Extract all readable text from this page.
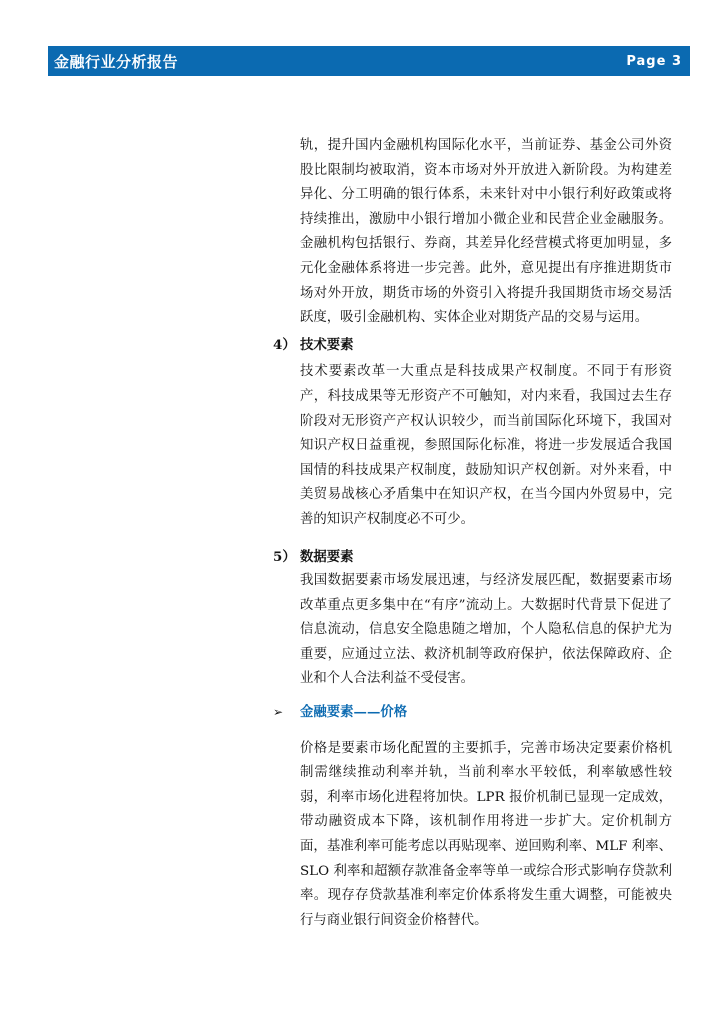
金融行业分析报告	Page 3

轨，提升国内金融机构国际化水平，当前证券、基金公司外资股比限制均被取消，资本市场对外开放进入新阶段。为构建差异化、分工明确的银行体系，未来针对中小银行利好政策或将持续推出，激励中小银行增加小微企业和民营企业金融服务。金融机构包括银行、券商，其差异化经营模式将更加明显，多元化金融体系将进一步完善。此外，意见提出有序推进期货市场对外开放，期货市场的外资引入将提升我国期货市场交易活跃度，吸引金融机构、实体企业对期货产品的交易与运用。

4） 技术要素

技术要素改革一大重点是科技成果产权制度。不同于有形资产，科技成果等无形资产不可触知，对内来看，我国过去生存阶段对无形资产产权认识较少，而当前国际化环境下，我国对知识产权日益重视，参照国际化标准，将进一步发展适合我国国情的科技成果产权制度，鼓励知识产权创新。对外来看，中美贸易战核心矛盾集中在知识产权，在当今国内外贸易中，完善的知识产权制度必不可少。

5） 数据要素

我国数据要素市场发展迅速，与经济发展匹配，数据要素市场改革重点更多集中在“有序”流动上。大数据时代背景下促进了信息流动，信息安全隐患随之增加，个人隐私信息的保护尤为重要，应通过立法、救济机制等政府保护，依法保障政府、企业和个人合法利益不受侵害。

➢ 金融要素——价格

价格是要素市场化配置的主要抓手，完善市场决定要素价格机制需继续推动利率并轨，当前利率水平较低，利率敏感性较弱，利率市场化进程将加快。LPR 报价机制已显现一定成效，带动融资成本下降，该机制作用将进一步扩大。定价机制方面，基准利率可能考虑以再贴现率、逆回购利率、MLF 利率、SLO 利率和超额存款准备金率等单一或综合形式影响存贷款利率。现存存贷款基准利率定价体系将发生重大调整，可能被央行与商业银行间资金价格替代。
